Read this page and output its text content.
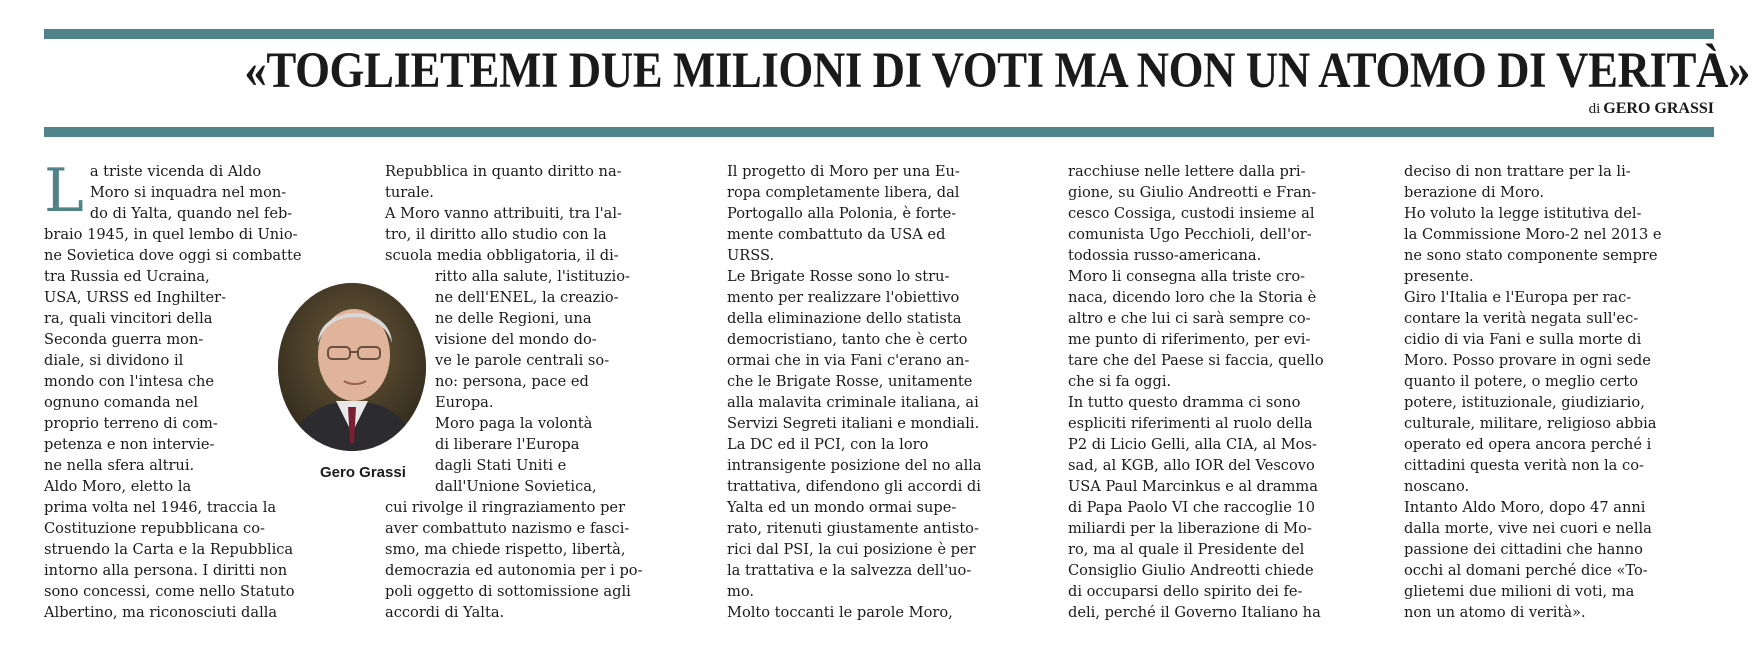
«TOGLIETEMI DUE MILIONI DI VOTI MA NON UN ATOMO DI VERITÀ»
di GERO GRASSI
L a triste vicenda di Aldo

Moro si inquadra nel mon-

do di Yalta, quando nel feb-

braio 1945, in quel lembo di Unio-

ne Sovietica dove oggi si combatte

tra Russia ed Ucraina,

USA, URSS ed Inghilter-

ra, quali vincitori della

Seconda guerra mon-

diale, si dividono il

mondo con l'intesa che

ognuno comanda nel

proprio terreno di com-

petenza e non intervie-

ne nella sfera altrui.

Aldo Moro, eletto la

prima volta nel 1946, traccia la

Costituzione repubblicana co-

struendo la Carta e la Repubblica

intorno alla persona. I diritti non

sono concessi, come nello Statuto

Albertino, ma riconosciuti dalla

Repubblica in quanto diritto na-

turale.

A Moro vanno attribuiti, tra l'al-

tro, il diritto allo studio con la

scuola media obbligatoria, il di-

ritto alla salute, l'istituzio-

ne dell'ENEL, la creazio-

ne delle Regioni, una

visione del mondo do-

ve le parole centrali so-

no: persona, pace ed

Europa.

Moro paga la volontà

di liberare l'Europa

dagli Stati Uniti e

dall'Unione Sovietica,

cui rivolge il ringraziamento per

aver combattuto nazismo e fasci-

smo, ma chiede rispetto, libertà,

democrazia ed autonomia per i po-

poli oggetto di sottomissione agli

accordi di Yalta.

Il progetto di Moro per una Eu-

ropa completamente libera, dal

Portogallo alla Polonia, è forte-

mente combattuto da USA ed

URSS.

Le Brigate Rosse sono lo stru-

mento per realizzare l'obiettivo

della eliminazione dello statista

democristiano, tanto che è certo

ormai che in via Fani c'erano an-

che le Brigate Rosse, unitamente

alla malavita criminale italiana, ai

Servizi Segreti italiani e mondiali.

La DC ed il PCI, con la loro

intransigente posizione del no alla

trattativa, difendono gli accordi di

Yalta ed un mondo ormai supe-

rato, ritenuti giustamente antisto-

rici dal PSI, la cui posizione è per

la trattativa e la salvezza dell'uo-

mo.

Molto toccanti le parole Moro,

racchiuse nelle lettere dalla pri-

gione, su Giulio Andreotti e Fran-

cesco Cossiga, custodi insieme al

comunista Ugo Pecchioli, dell'or-

todossia russo-americana.

Moro li consegna alla triste cro-

naca, dicendo loro che la Storia è

altro e che lui ci sarà sempre co-

me punto di riferimento, per evi-

tare che del Paese si faccia, quello

che si fa oggi.

In tutto questo dramma ci sono

espliciti riferimenti al ruolo della

P2 di Licio Gelli, alla CIA, al Mos-

sad, al KGB, allo IOR del Vescovo

USA Paul Marcinkus e al dramma

di Papa Paolo VI che raccoglie 10

miliardi per la liberazione di Mo-

ro, ma al quale il Presidente del

Consiglio Giulio Andreotti chiede

di occuparsi dello spirito dei fe-

deli, perché il Governo Italiano ha

deciso di non trattare per la li-

berazione di Moro.

Ho voluto la legge istitutiva del-

la Commissione Moro-2 nel 2013 e

ne sono stato componente sempre

presente.

Giro l'Italia e l'Europa per rac-

contare la verità negata sull'ec-

cidio di via Fani e sulla morte di

Moro. Posso provare in ogni sede

quanto il potere, o meglio certo

potere, istituzionale, giudiziario,

culturale, militare, religioso abbia

operato ed opera ancora perché i

cittadini questa verità non la co-

noscano.

Intanto Aldo Moro, dopo 47 anni

dalla morte, vive nei cuori e nella

passione dei cittadini che hanno

occhi al domani perché dice «To-

glietemi due milioni di voti, ma

non un atomo di verità».

Gero Grassi
